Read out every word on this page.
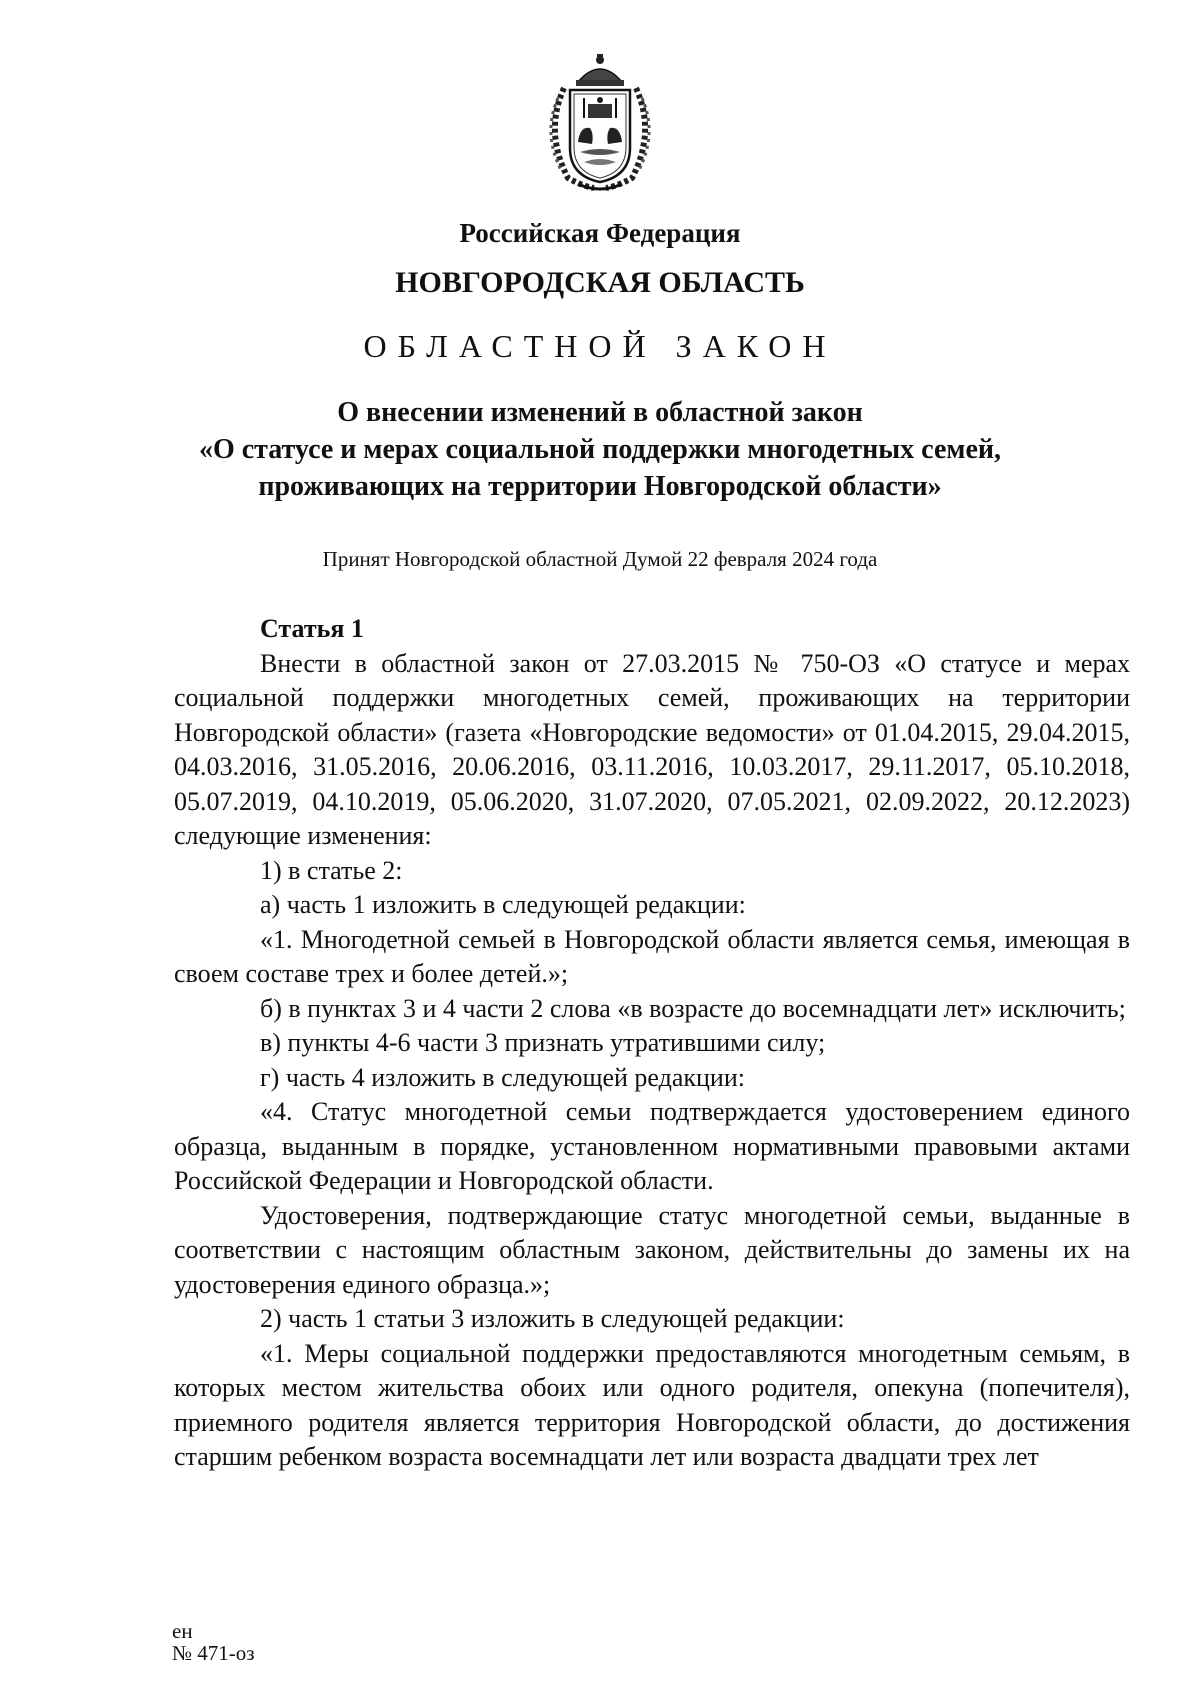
Российская Федерация
НОВГОРОДСКАЯ ОБЛАСТЬ
ОБЛАСТНОЙ ЗАКОН
О внесении изменений в областной закон
«О статусе и мерах социальной поддержки многодетных семей,
проживающих на территории Новгородской области»
Принят Новгородской областной Думой 22 февраля 2024 года

Статья 1

Внести в областной закон от 27.03.2015 № 750-ОЗ «О статусе и мерах социальной поддержки многодетных семей, проживающих на территории Новгородской области» (газета «Новгородские ведомости» от 01.04.2015, 29.04.2015, 04.03.2016, 31.05.2016, 20.06.2016, 03.11.2016, 10.03.2017, 29.11.2017, 05.10.2018, 05.07.2019, 04.10.2019, 05.06.2020, 31.07.2020, 07.05.2021, 02.09.2022, 20.12.2023) следующие изменения:

1) в статье 2:

а) часть 1 изложить в следующей редакции:

«1. Многодетной семьей в Новгородской области является семья, имеющая в своем составе трех и более детей.»;

б) в пунктах 3 и 4 части 2 слова «в возрасте до восемнадцати лет» исключить;

в) пункты 4-6 части 3 признать утратившими силу;

г) часть 4 изложить в следующей редакции:

«4. Статус многодетной семьи подтверждается удостоверением единого образца, выданным в порядке, установленном нормативными правовыми актами Российской Федерации и Новгородской области.

Удостоверения, подтверждающие статус многодетной семьи, выданные в соответствии с настоящим областным законом, действительны до замены их на удостоверения единого образца.»;

2) часть 1 статьи 3 изложить в следующей редакции:

«1. Меры социальной поддержки предоставляются многодетным семьям, в которых местом жительства обоих или одного родителя, опекуна (попечителя), приемного родителя является территория Новгородской области, до достижения старшим ребенком возраста восемнадцати лет или возраста двадцати трех лет

ен
№ 471-оз
